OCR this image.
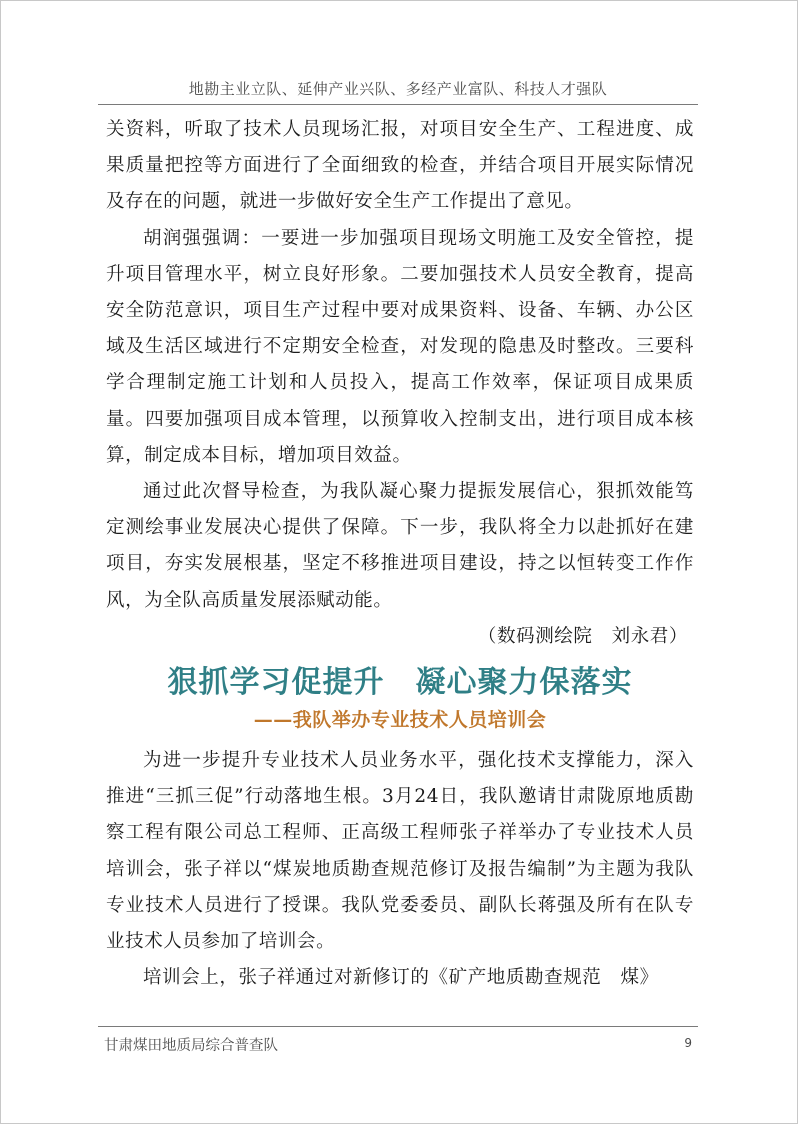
地勘主业立队、延伸产业兴队、多经产业富队、科技人才强队

关资料，听取了技术人员现场汇报，对项目安全生产、工程进度、成果质量把控等方面进行了全面细致的检查，并结合项目开展实际情况及存在的问题，就进一步做好安全生产工作提出了意见。

胡润强强调：一要进一步加强项目现场文明施工及安全管控，提升项目管理水平，树立良好形象。二要加强技术人员安全教育，提高安全防范意识，项目生产过程中要对成果资料、设备、车辆、办公区域及生活区域进行不定期安全检查，对发现的隐患及时整改。三要科学合理制定施工计划和人员投入，提高工作效率，保证项目成果质量。四要加强项目成本管理，以预算收入控制支出，进行项目成本核算，制定成本目标，增加项目效益。

通过此次督导检查，为我队凝心聚力提振发展信心，狠抓效能笃定测绘事业发展决心提供了保障。下一步，我队将全力以赴抓好在建项目，夯实发展根基，坚定不移推进项目建设，持之以恒转变工作作风，为全队高质量发展添赋动能。

（数码测绘院　刘永君）

狠抓学习促提升　凝心聚力保落实
——我队举办专业技术人员培训会

为进一步提升专业技术人员业务水平，强化技术支撑能力，深入推进“三抓三促”行动落地生根。3月24日，我队邀请甘肃陇原地质勘察工程有限公司总工程师、正高级工程师张子祥举办了专业技术人员培训会，张子祥以“煤炭地质勘查规范修订及报告编制”为主题为我队专业技术人员进行了授课。我队党委委员、副队长蒋强及所有在队专业技术人员参加了培训会。

培训会上，张子祥通过对新修订的《矿产地质勘查规范　煤》

甘肃煤田地质局综合普查队	9
